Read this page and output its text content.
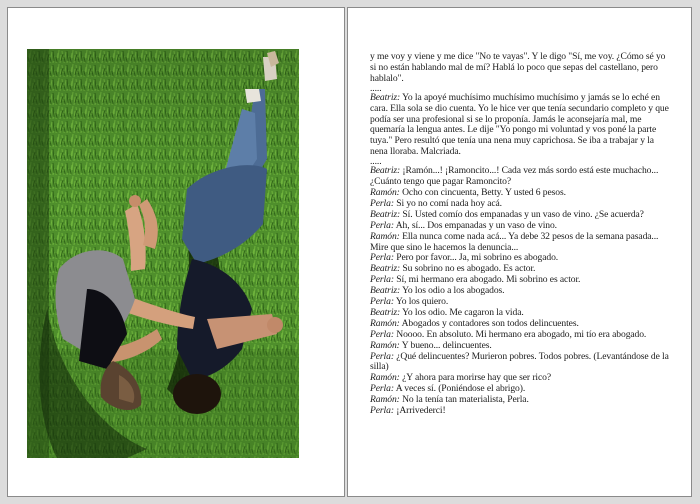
y me voy y viene y me dice "No te vayas". Y le digo "Sí, me voy. ¿Cómo sé yo si no están hablando mal de mí? Hablá lo poco que sepas del castellano, pero hablalo".

.....

Beatriz: Yo la apoyé muchísimo muchísimo muchísimo y jamás se lo eché en cara. Ella sola se dio cuenta. Yo le hice ver que tenía secundario completo y que podía ser una profesional si se lo proponía. Jamás le aconsejaría mal, me quemaría la lengua antes. Le dije "Yo pongo mi voluntad y vos poné la parte tuya." Pero resultó que tenía una nena muy caprichosa. Se iba a trabajar y la nena lloraba. Malcriada.

.....

Beatriz: ¡Ramón...! ¡Ramoncito...! Cada vez más sordo está este muchacho... ¿Cuánto tengo que pagar Ramoncito?

Ramón: Ocho con cincuenta, Betty. Y usted 6 pesos.

Perla: Si yo no comí nada hoy acá.

Beatriz: Sí. Usted comío dos empanadas y un vaso de vino. ¿Se acuerda?

Perla: Ah, sí... Dos empanadas y un vaso de vino.

Ramón: Ella nunca come nada acá... Ya debe 32 pesos de la semana pasada... Mire que sino le hacemos la denuncia...

Perla: Pero por favor... Ja, mi sobrino es abogado.

Beatriz: Su sobrino no es abogado. Es actor.

Perla: Sí, mi hermano era abogado. Mi sobrino es actor.

Beatriz: Yo los odio a los abogados.

Perla: Yo los quiero.

Beatriz: Yo los odio. Me cagaron la vida.

Ramón: Abogados y contadores son todos delincuentes.

Perla: Noooo. En absoluto. Mi hermano era abogado, mi tío era abogado.

Ramón: Y bueno... delincuentes.

Perla: ¿Qué delincuentes? Murieron pobres. Todos pobres. (Levantándose de la silla)

Ramón: ¿Y ahora para morirse hay que ser rico?

Perla: A veces sí. (Poniéndose el abrigo).

Ramón: No la tenía tan materialista, Perla.

Perla: ¡Arrivederci!
